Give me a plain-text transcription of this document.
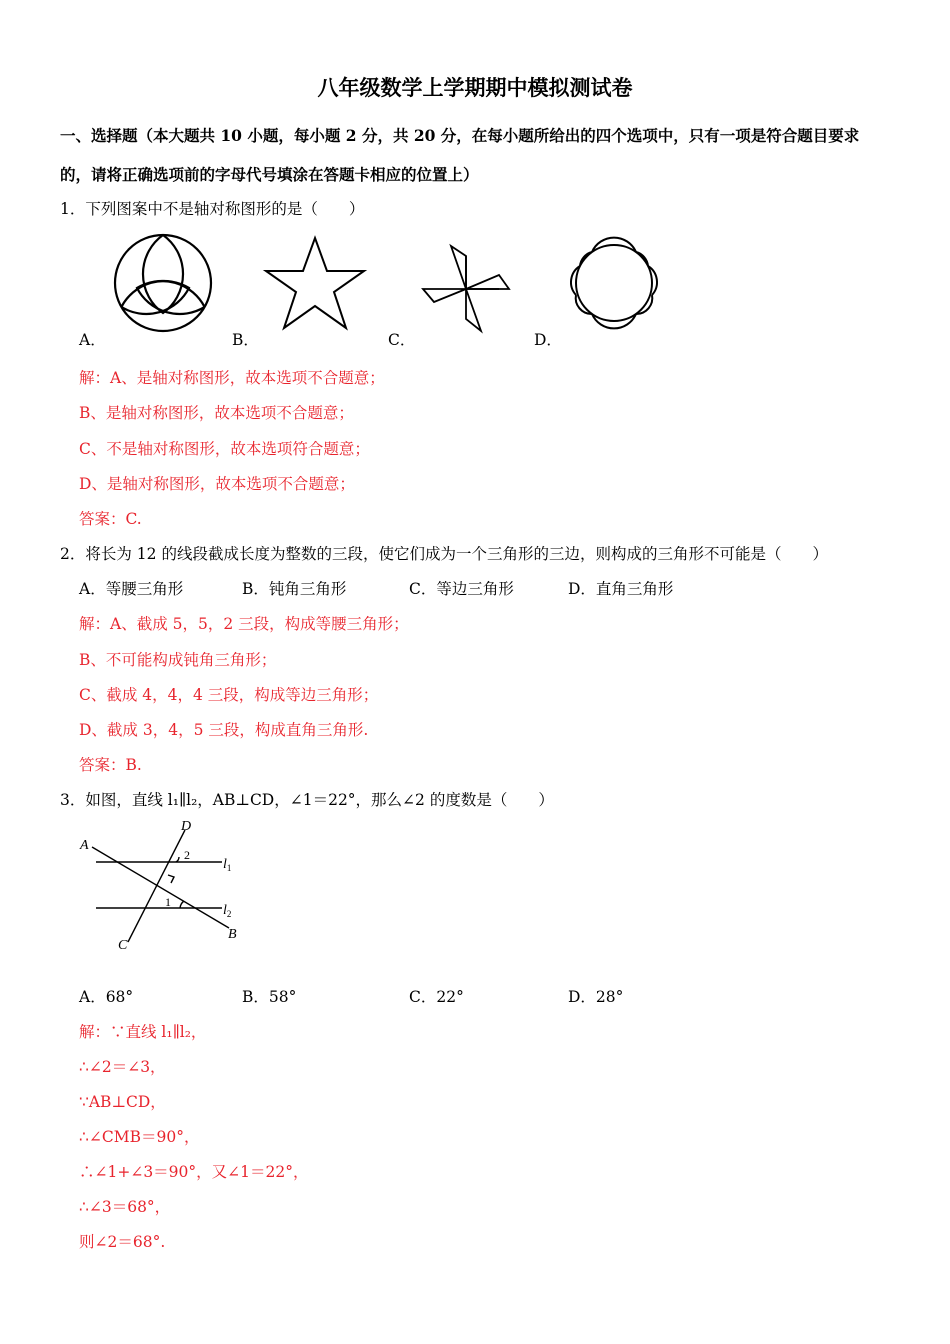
八年级数学上学期期中模拟测试卷
一、选择题（本大题共 10 小题，每小题 2 分，共 20 分，在每小题所给出的四个选项中，只有一项是符合题目要求
的，请将正确选项前的字母代号填涂在答题卡相应的位置上）
1．下列图案中不是轴对称图形的是（　　）
A．	B．	C．	D．
解：A、是轴对称图形，故本选项不合题意；
B、是轴对称图形，故本选项不合题意；
C、不是轴对称图形，故本选项符合题意；
D、是轴对称图形，故本选项不合题意；
答案：C.
2．将长为 12 的线段截成长度为整数的三段，使它们成为一个三角形的三边，则构成的三角形不可能是（　　）
A．等腰三角形	B．钝角三角形	C．等边三角形	D．直角三角形
解：A、截成 5，5，2 三段，构成等腰三角形；
B、不可能构成钝角三角形；
C、截成 4，4，4 三段，构成等边三角形；
D、截成 3，4，5 三段，构成直角三角形.
答案：B.
3．如图，直线 l₁∥l₂，AB⊥CD，∠1＝22°，那么∠2 的度数是（　　）
A
D
C
B
$l_1$
$l_2$
2
1
A．68°	B．58°	C．22°	D．28°
解：∵直线 l₁∥l₂，
∴∠2＝∠3，
∵AB⊥CD，
∴∠CMB＝90°，
∴∠1+∠3＝90°，又∠1＝22°，
∴∠3＝68°，
则∠2＝68°.
